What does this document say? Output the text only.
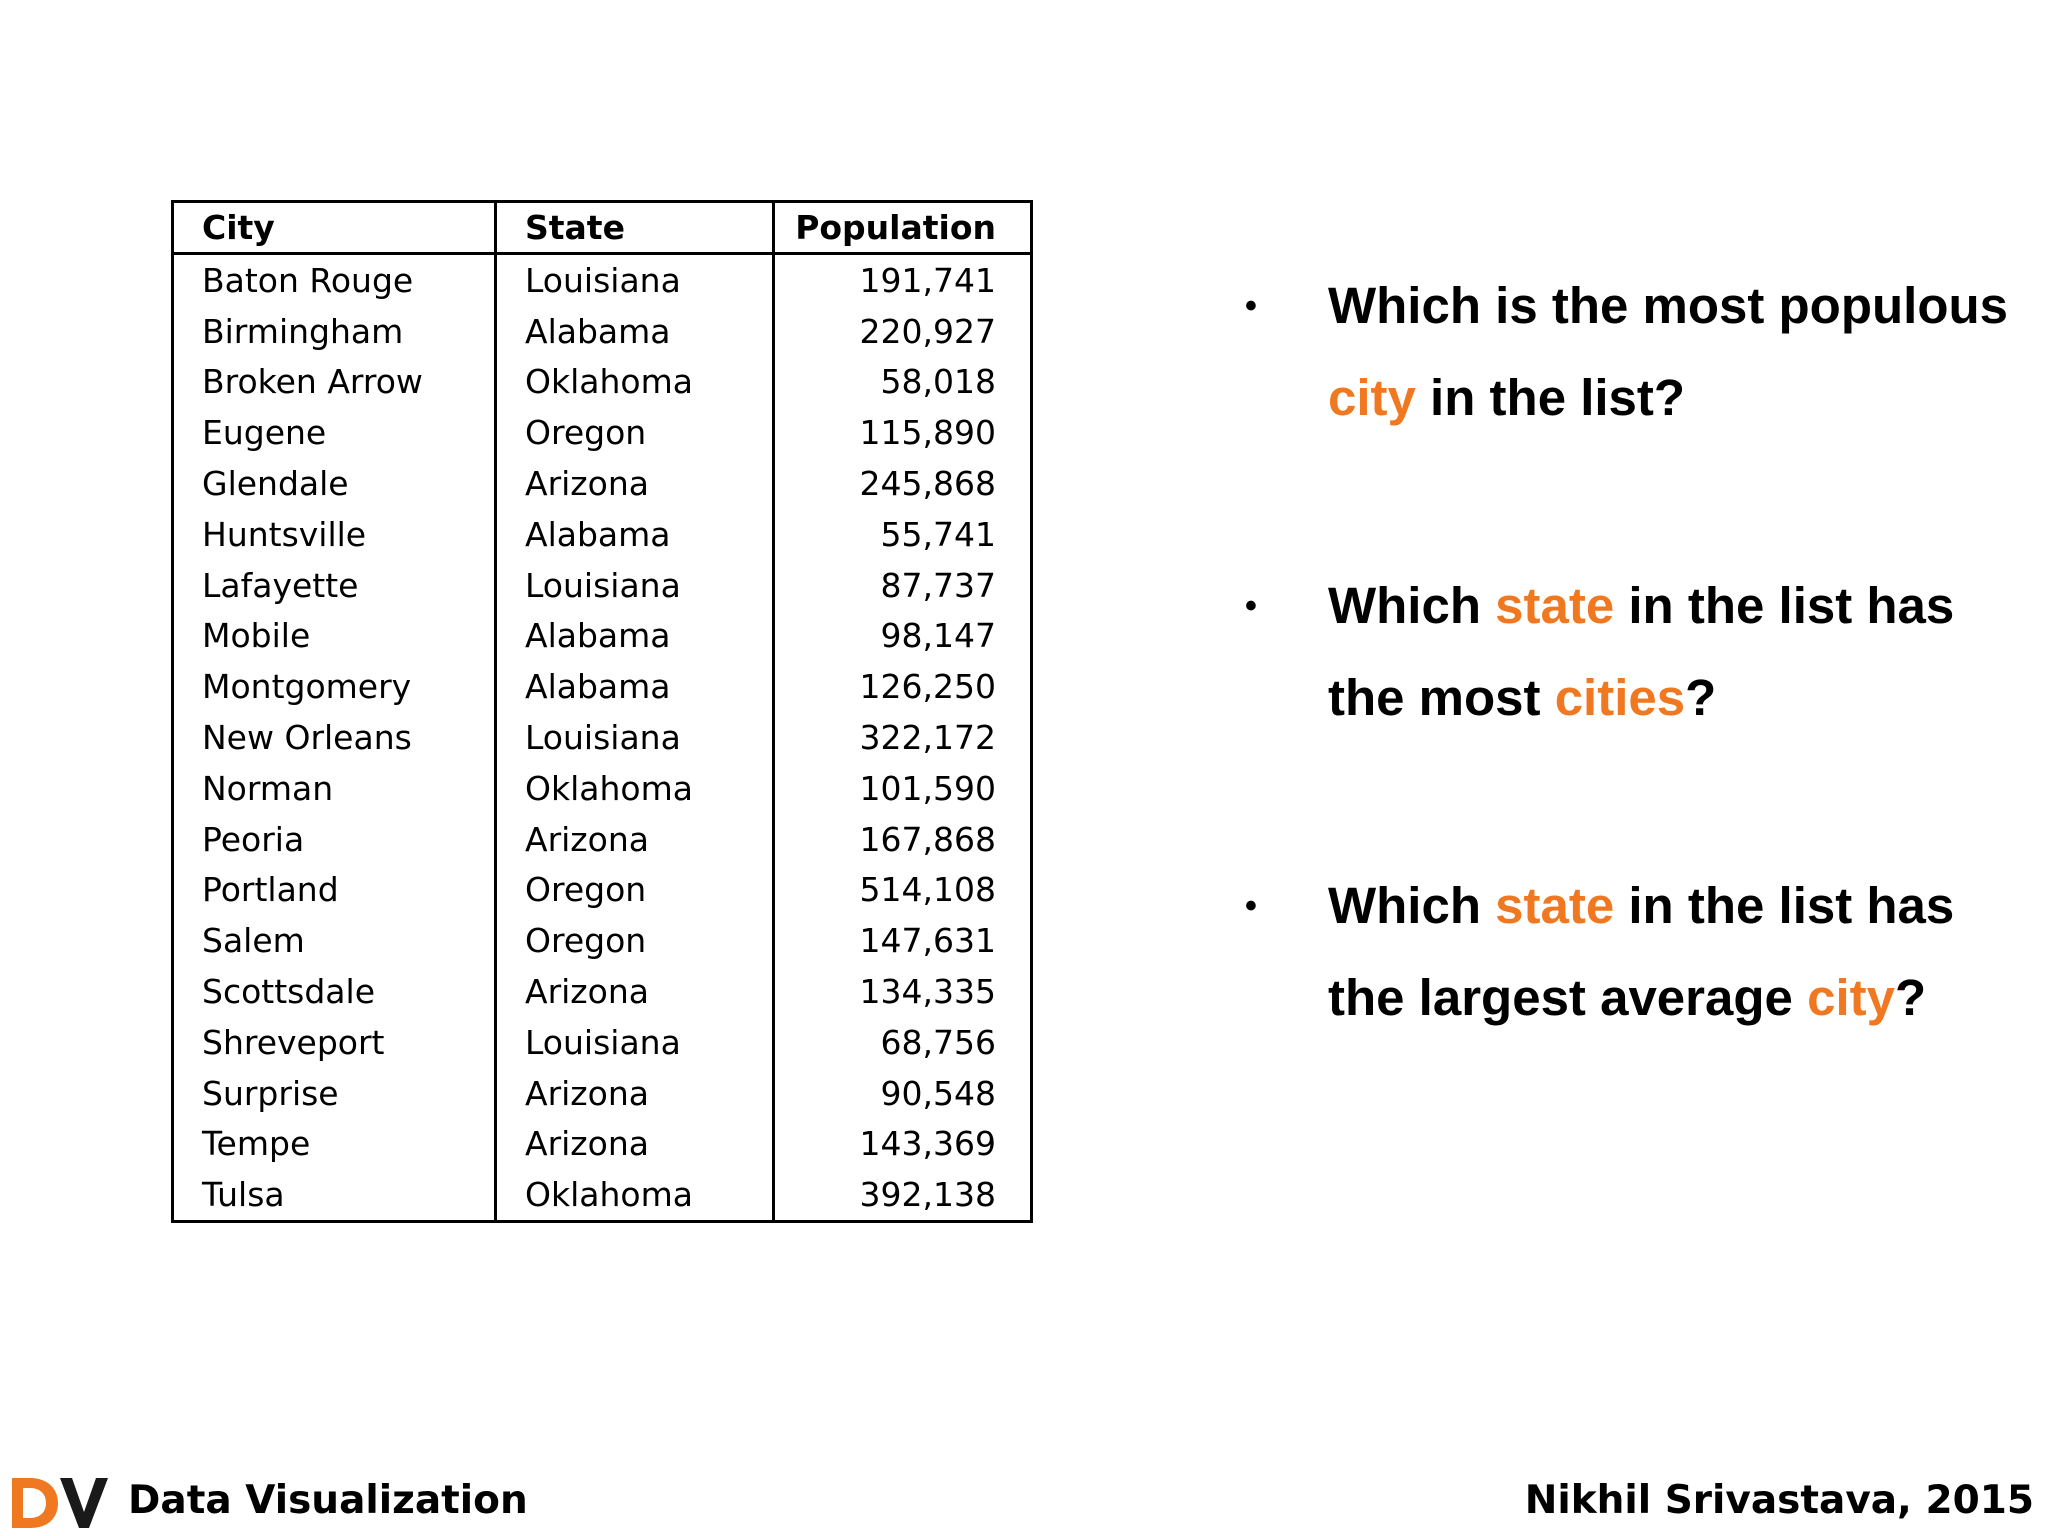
City	State	Population
Baton Rouge	Louisiana	191,741
Birmingham	Alabama	220,927
Broken Arrow	Oklahoma	58,018
Eugene	Oregon	115,890
Glendale	Arizona	245,868
Huntsville	Alabama	55,741
Lafayette	Louisiana	87,737
Mobile	Alabama	98,147
Montgomery	Alabama	126,250
New Orleans	Louisiana	322,172
Norman	Oklahoma	101,590
Peoria	Arizona	167,868
Portland	Oregon	514,108
Salem	Oregon	147,631
Scottsdale	Arizona	134,335
Shreveport	Louisiana	68,756
Surprise	Arizona	90,548
Tempe	Arizona	143,369
Tulsa	Oklahoma	392,138
• Which is the most populous
city in the list?
• Which state in the list has
the most cities?
• Which state in the list has
the largest average city?
Data Visualization	Nikhil Srivastava, 2015
